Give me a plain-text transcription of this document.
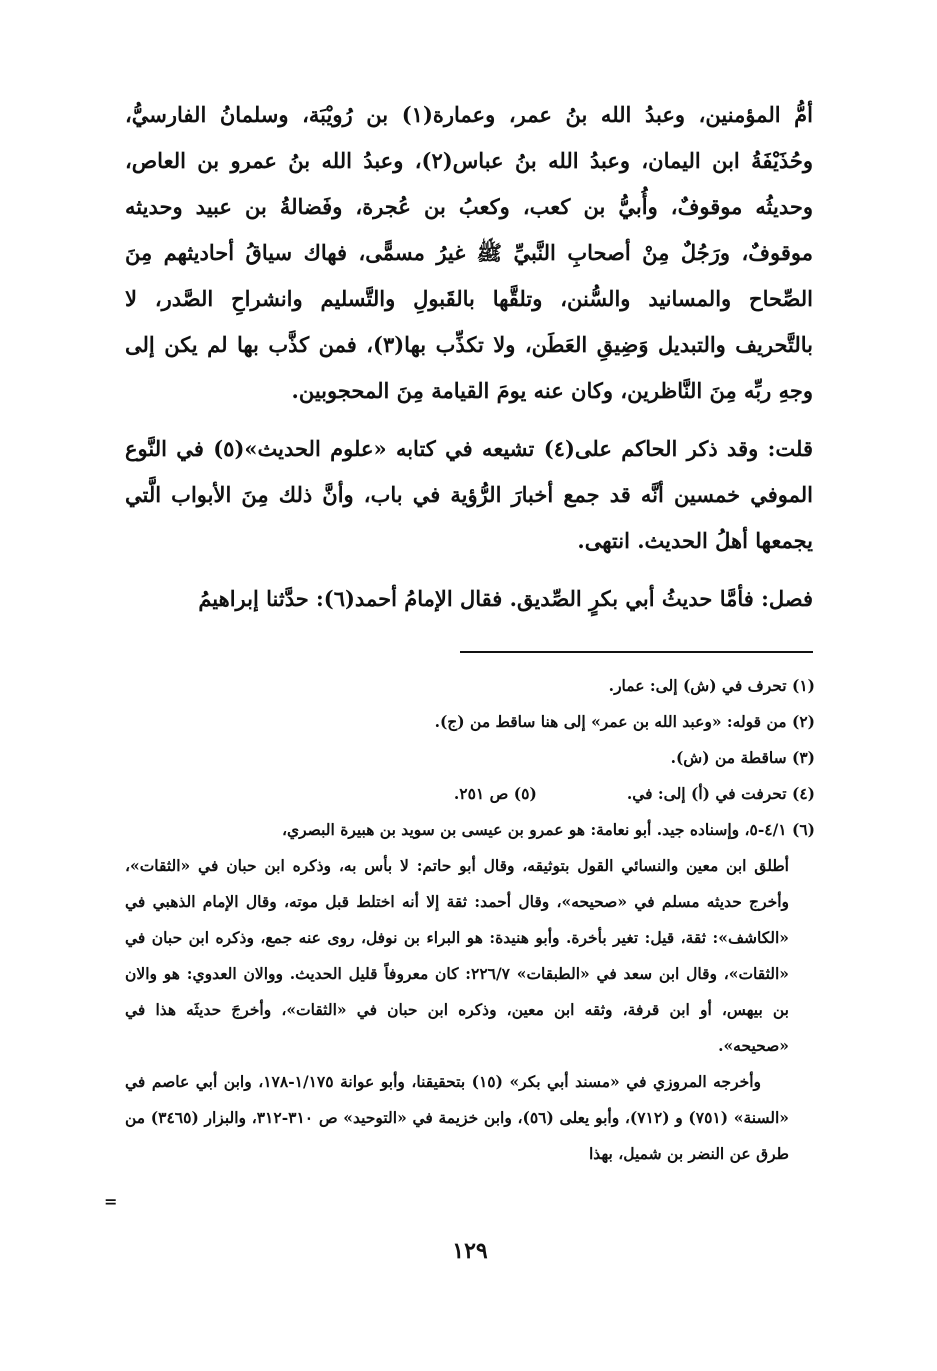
أمُّ المؤمنين، وعبدُ الله بنُ عمر، وعمارة(١) بن رُويْبَة، وسلمانُ الفارسيُّ، وحُذَيْفَةُ ابن اليمان، وعبدُ الله بنُ عباس(٢)، وعبدُ الله بنُ عمرو بن العاص، وحديثُه موقوفٌ، وأُبيُّ بن كعب، وكعبُ بن عُجرة، وفَضالةُ بن عبيد وحديثه موقوفٌ، ورَجُلٌ مِنْ أصحابِ النَّبيِّ ﷺ غيرُ مسمًّى، فهاك سياقُ أحاديثهم مِنَ الصِّحاح والمسانيد والسُّنن، وتلقَّها بالقَبولِ والتَّسليم وانشراحِ الصَّدر، لا بالتَّحريف والتبديل وَضِيقِ العَطَن، ولا تكذِّب بها(٣)، فمن كذَّب بها لم يكن إلى وجهِ ربِّه مِنَ النَّاظرين، وكان عنه يومَ القيامة مِنَ المحجوبين.

قلت: وقد ذكر الحاكم على(٤) تشيعه في كتابه «علوم الحديث»(٥) في النَّوع الموفي خمسين أنَّه قد جمع أخبارَ الرُّؤية في باب، وأنَّ ذلك مِنَ الأبواب الَّتي يجمعها أهلُ الحديث. انتهى.

فصل: فأمَّا حديثُ أبي بكرٍ الصِّديق. فقال الإمامُ أحمد(٦): حدَّثنا إبراهيمُ

(١) تحرف في (ش) إلى: عمار.

(٢) من قوله: «وعبد الله بن عمر» إلى هنا ساقط من (ج).

(٣) ساقطة من (ش).

(٤) تحرفت في (أ) إلى: في.

(٥) ص ٢٥١.

(٦) ٤/١-٥، وإسناده جيد. أبو نعامة: هو عمرو بن عيسى بن سويد بن هبيرة البصري،

أطلق ابن معين والنسائي القول بتوثيقه، وقال أبو حاتم: لا بأس به، وذكره ابن حبان في «الثقات»، وأخرج حديثه مسلم في «صحيحه»، وقال أحمد: ثقة إلا أنه اختلط قبل موته، وقال الإمام الذهبي في «الكاشف»: ثقة، قيل: تغير بأخرة. وأبو هنيدة: هو البراء بن نوفل، روى عنه جمع، وذكره ابن حبان في «الثقات»، وقال ابن سعد في «الطبقات» ٢٢٦/٧: كان معروفاً قليل الحديث. ووالان العدوي: هو والان بن بيهس، أو ابن قرفة، وثقه ابن معين، وذكره ابن حبان في «الثقات»، وأخرجَ حديثَه هذا في «صحيحه».

وأخرجه المروزي في «مسند أبي بكر» (١٥) بتحقيقنا، وأبو عوانة ١/١٧٥-١٧٨، وابن أبي عاصم في «السنة» (٧٥١) و (٧١٢)، وأبو يعلى (٥٦)، وابن خزيمة في «التوحيد» ص ٣١٠-٣١٢، والبزار (٣٤٦٥) من طرق عن النضر بن شميل، بهذا

=
١٢٩
